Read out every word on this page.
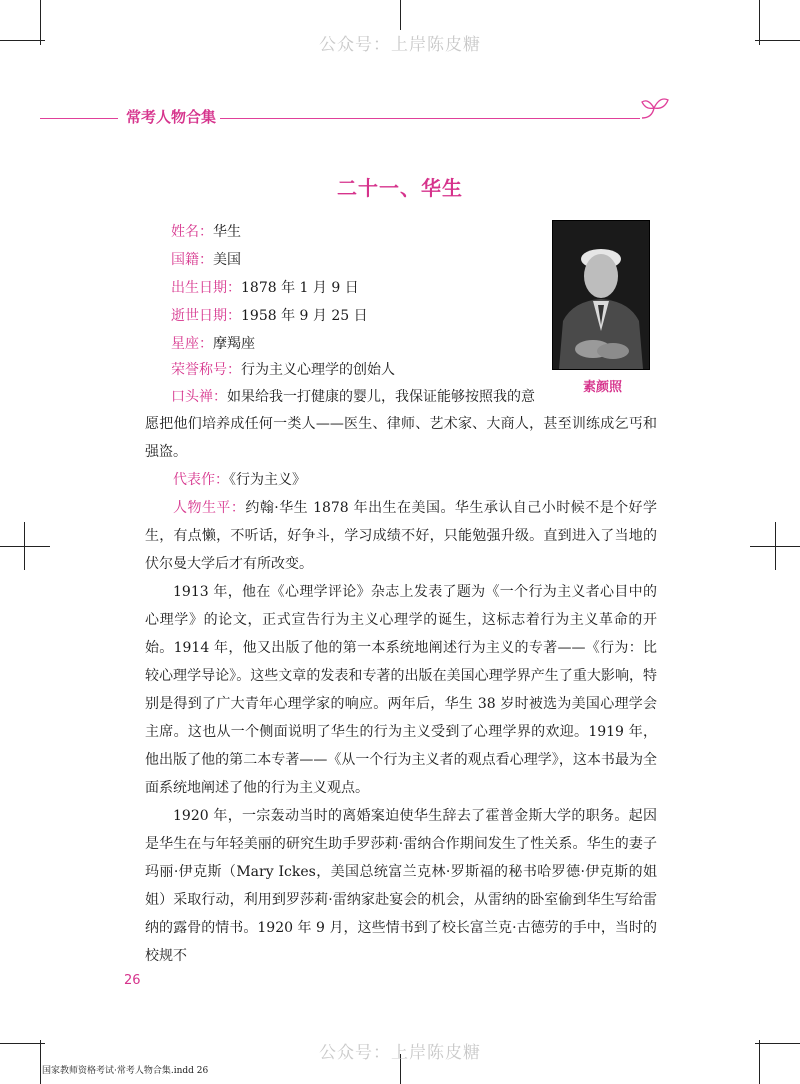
公众号：上岸陈皮糖
公众号：上岸陈皮糖
常考人物合集
二十一、华生
姓名：华生
国籍：美国
出生日期：1878 年 1 月 9 日
逝世日期：1958 年 9 月 25 日
星座：摩羯座
荣誉称号：行为主义心理学的创始人
口头禅：如果给我一打健康的婴儿，我保证能够按照我的意
素颜照
愿把他们培养成任何一类人——医生、律师、艺术家、大商人，甚至训练成乞丐和强盗。
代表作：《行为主义》
人物生平：约翰·华生 1878 年出生在美国。华生承认自己小时候不是个好学生，有点懒，不听话，好争斗，学习成绩不好，只能勉强升级。直到进入了当地的伏尔曼大学后才有所改变。
1913 年，他在《心理学评论》杂志上发表了题为《一个行为主义者心目中的心理学》的论文，正式宣告行为主义心理学的诞生，这标志着行为主义革命的开始。1914 年，他又出版了他的第一本系统地阐述行为主义的专著——《行为：比较心理学导论》。这些文章的发表和专著的出版在美国心理学界产生了重大影响，特别是得到了广大青年心理学家的响应。两年后，华生 38 岁时被选为美国心理学会主席。这也从一个侧面说明了华生的行为主义受到了心理学界的欢迎。1919 年，他出版了他的第二本专著——《从一个行为主义者的观点看心理学》，这本书最为全面系统地阐述了他的行为主义观点。
1920 年，一宗轰动当时的离婚案迫使华生辞去了霍普金斯大学的职务。起因是华生在与年轻美丽的研究生助手罗莎莉·雷纳合作期间发生了性关系。华生的妻子玛丽·伊克斯（Mary Ickes，美国总统富兰克林·罗斯福的秘书哈罗德·伊克斯的姐姐）采取行动，利用到罗莎莉·雷纳家赴宴会的机会，从雷纳的卧室偷到华生写给雷纳的露骨的情书。1920 年 9 月，这些情书到了校长富兰克·古德劳的手中，当时的校规不
26
国家教师资格考试·常考人物合集.indd 26
